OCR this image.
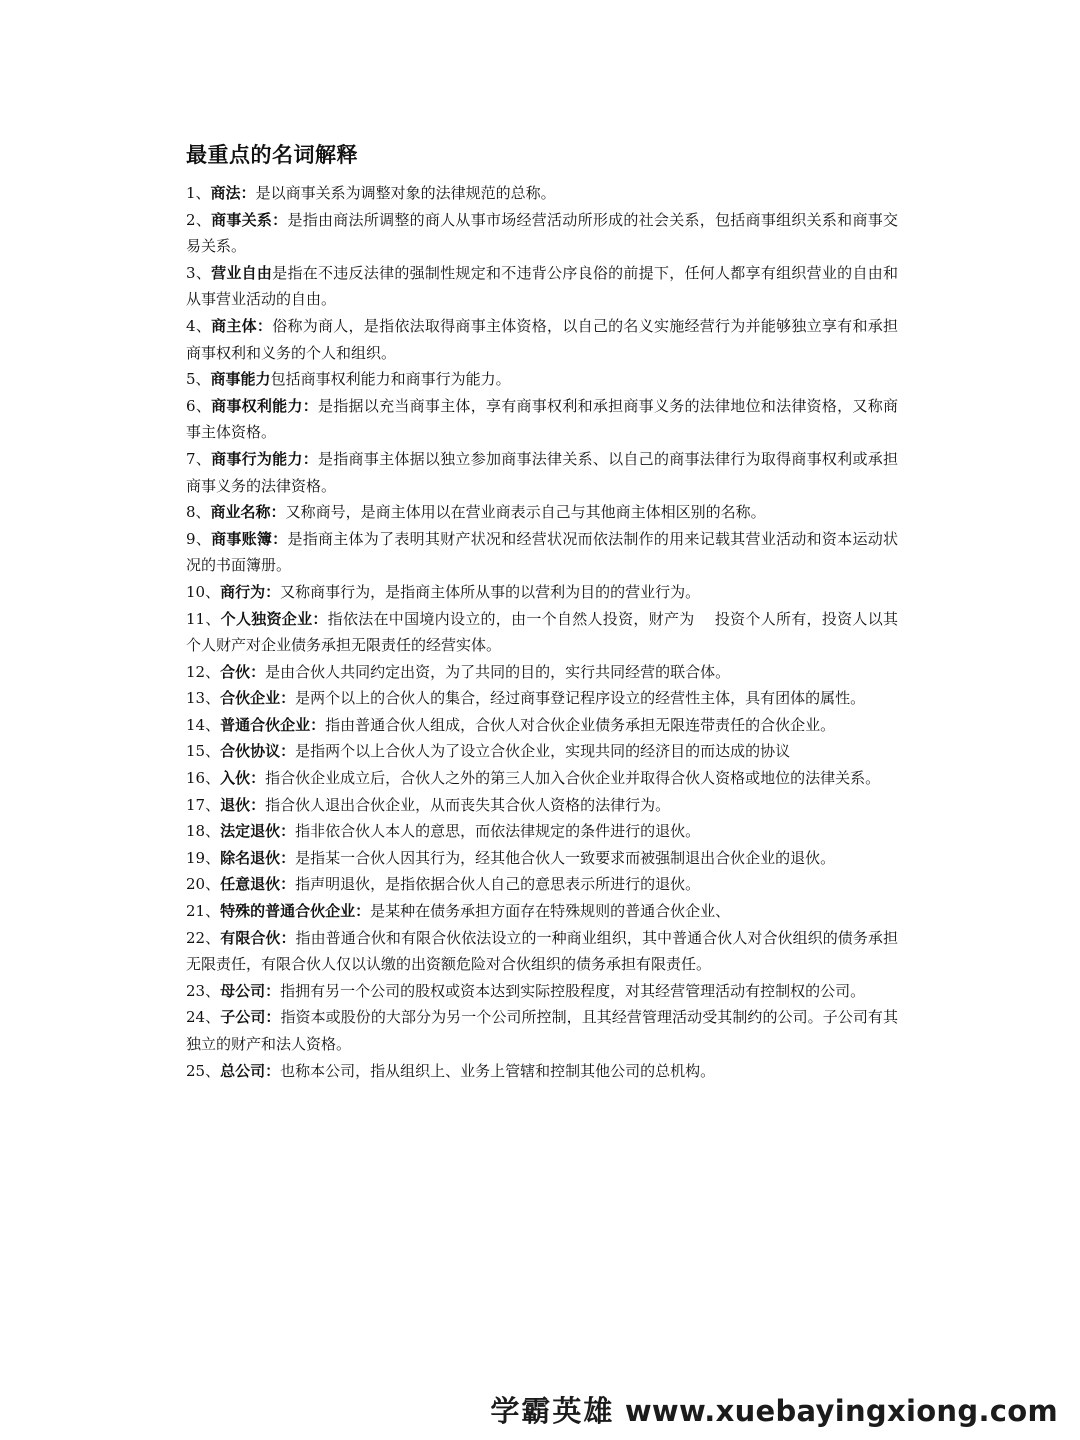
最重点的名词解释
1、商法：是以商事关系为调整对象的法律规范的总称。
2、商事关系：是指由商法所调整的商人从事市场经营活动所形成的社会关系，包括商事组织关系和商事交易关系。
3、营业自由是指在不违反法律的强制性规定和不违背公序良俗的前提下，任何人都享有组织营业的自由和从事营业活动的自由。
4、商主体：俗称为商人，是指依法取得商事主体资格，以自己的名义实施经营行为并能够独立享有和承担商事权利和义务的个人和组织。
5、商事能力包括商事权利能力和商事行为能力。
6、商事权利能力：是指据以充当商事主体，享有商事权利和承担商事义务的法律地位和法律资格，又称商事主体资格。
7、商事行为能力：是指商事主体据以独立参加商事法律关系、以自己的商事法律行为取得商事权利或承担商事义务的法律资格。
8、商业名称：又称商号，是商主体用以在营业商表示自己与其他商主体相区别的名称。
9、商事账簿：是指商主体为了表明其财产状况和经营状况而依法制作的用来记载其营业活动和资本运动状况的书面簿册。
10、商行为：又称商事行为，是指商主体所从事的以营利为目的的营业行为。
11、个人独资企业：指依法在中国境内设立的，由一个自然人投资，财产为　 投资个人所有，投资人以其个人财产对企业债务承担无限责任的经营实体。
12、合伙：是由合伙人共同约定出资，为了共同的目的，实行共同经营的联合体。
13、合伙企业：是两个以上的合伙人的集合，经过商事登记程序设立的经营性主体，具有团体的属性。
14、普通合伙企业：指由普通合伙人组成，合伙人对合伙企业债务承担无限连带责任的合伙企业。
15、合伙协议：是指两个以上合伙人为了设立合伙企业，实现共同的经济目的而达成的协议
16、入伙：指合伙企业成立后，合伙人之外的第三人加入合伙企业并取得合伙人资格或地位的法律关系。
17、退伙：指合伙人退出合伙企业，从而丧失其合伙人资格的法律行为。
18、法定退伙：指非依合伙人本人的意思，而依法律规定的条件进行的退伙。
19、除名退伙：是指某一合伙人因其行为，经其他合伙人一致要求而被强制退出合伙企业的退伙。
20、任意退伙：指声明退伙，是指依据合伙人自己的意思表示所进行的退伙。
21、特殊的普通合伙企业：是某种在债务承担方面存在特殊规则的普通合伙企业、
22、有限合伙：指由普通合伙和有限合伙依法设立的一种商业组织，其中普通合伙人对合伙组织的债务承担无限责任，有限合伙人仅以认缴的出资额危险对合伙组织的债务承担有限责任。
23、母公司：指拥有另一个公司的股权或资本达到实际控股程度，对其经营管理活动有控制权的公司。
24、子公司：指资本或股份的大部分为另一个公司所控制，且其经营管理活动受其制约的公司。子公司有其独立的财产和法人资格。
25、总公司：也称本公司，指从组织上、业务上管辖和控制其他公司的总机构。
学霸英雄 www.xuebayingxiong.com
